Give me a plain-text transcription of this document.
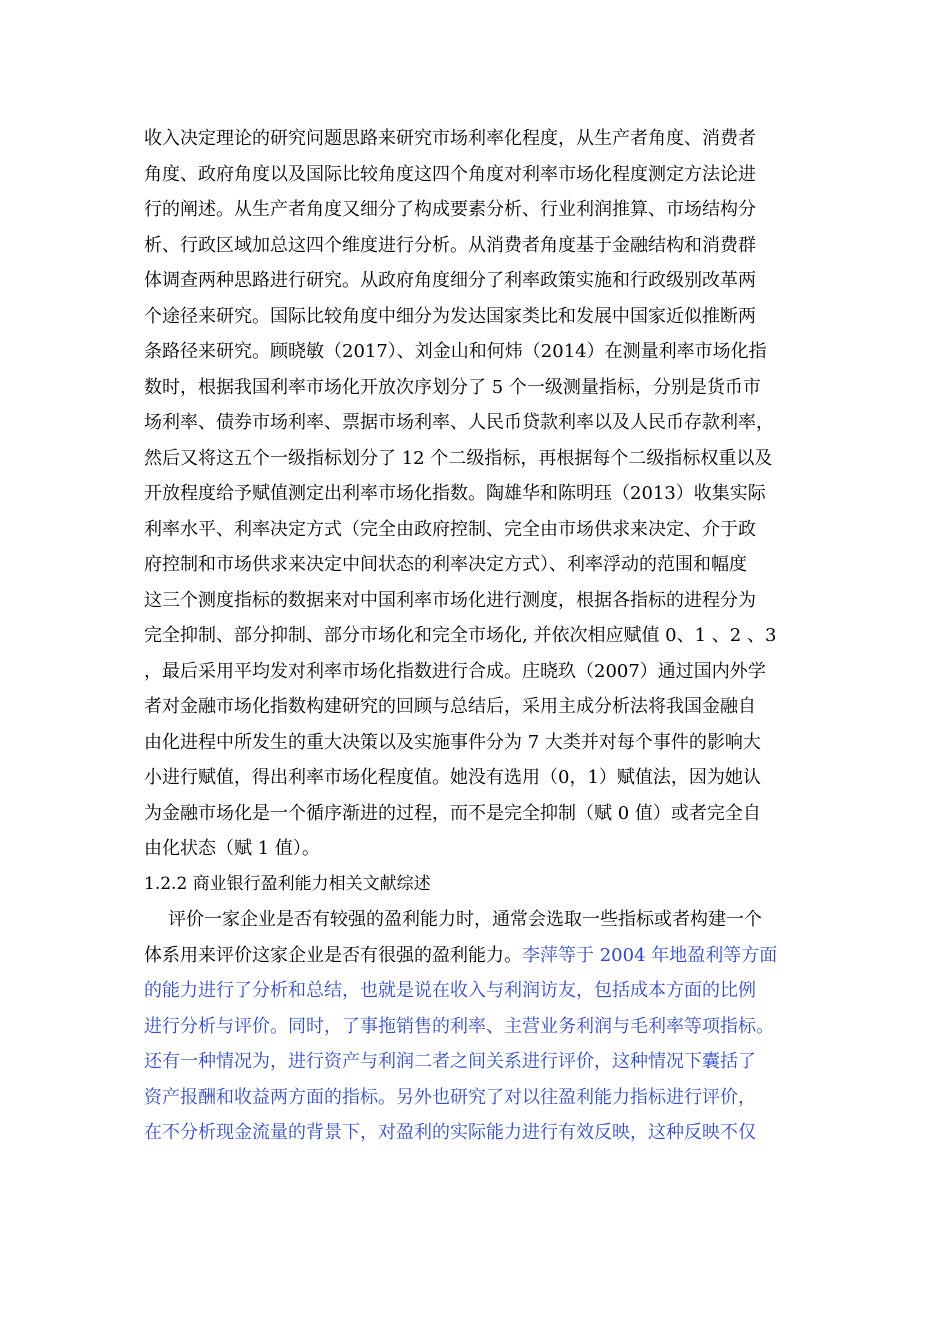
收入决定理论的研究问题思路来研究市场利率化程度，从生产者角度、消费者
角度、政府角度以及国际比较角度这四个角度对利率市场化程度测定方法论进
行的阐述。从生产者角度又细分了构成要素分析、行业利润推算、市场结构分
析、行政区域加总这四个维度进行分析。从消费者角度基于金融结构和消费群
体调查两种思路进行研究。从政府角度细分了利率政策实施和行政级别改革两
个途径来研究。国际比较角度中细分为发达国家类比和发展中国家近似推断两
条路径来研究。顾晓敏（2017）、刘金山和何炜（2014）在测量利率市场化指
数时，根据我国利率市场化开放次序划分了 5 个一级测量指标，分别是货币市
场利率、债券市场利率、票据市场利率、人民币贷款利率以及人民币存款利率，
然后又将这五个一级指标划分了 12 个二级指标，再根据每个二级指标权重以及
开放程度给予赋值测定出利率市场化指数。陶雄华和陈明珏（2013）收集实际
利率水平、利率决定方式（完全由政府控制、完全由市场供求来决定、介于政
府控制和市场供求来决定中间状态的利率决定方式）、利率浮动的范围和幅度
这三个测度指标的数据来对中国利率市场化进行测度，根据各指标的进程分为
完全抑制、部分抑制、部分市场化和完全市场化, 并依次相应赋值 0、1 、2 、3
，最后采用平均发对利率市场化指数进行合成。庄晓玖（2007）通过国内外学
者对金融市场化指数构建研究的回顾与总结后，采用主成分析法将我国金融自
由化进程中所发生的重大决策以及实施事件分为 7 大类并对每个事件的影响大
小进行赋值，得出利率市场化程度值。她没有选用（0，1）赋值法，因为她认
为金融市场化是一个循序渐进的过程，而不是完全抑制（赋 0 值）或者完全自
由化状态（赋 1 值）。
1.2.2 商业银行盈利能力相关文献综述
评价一家企业是否有较强的盈利能力时，通常会选取一些指标或者构建一个
体系用来评价这家企业是否有很强的盈利能力。李萍等于 2004 年地盈利等方面
的能力进行了分析和总结，也就是说在收入与利润访友，包括成本方面的比例
进行分析与评价。同时，了事拖销售的利率、主营业务利润与毛利率等项指标。
还有一种情况为，进行资产与利润二者之间关系进行评价，这种情况下囊括了
资产报酬和收益两方面的指标。另外也研究了对以往盈利能力指标进行评价，
在不分析现金流量的背景下，对盈利的实际能力进行有效反映，这种反映不仅
